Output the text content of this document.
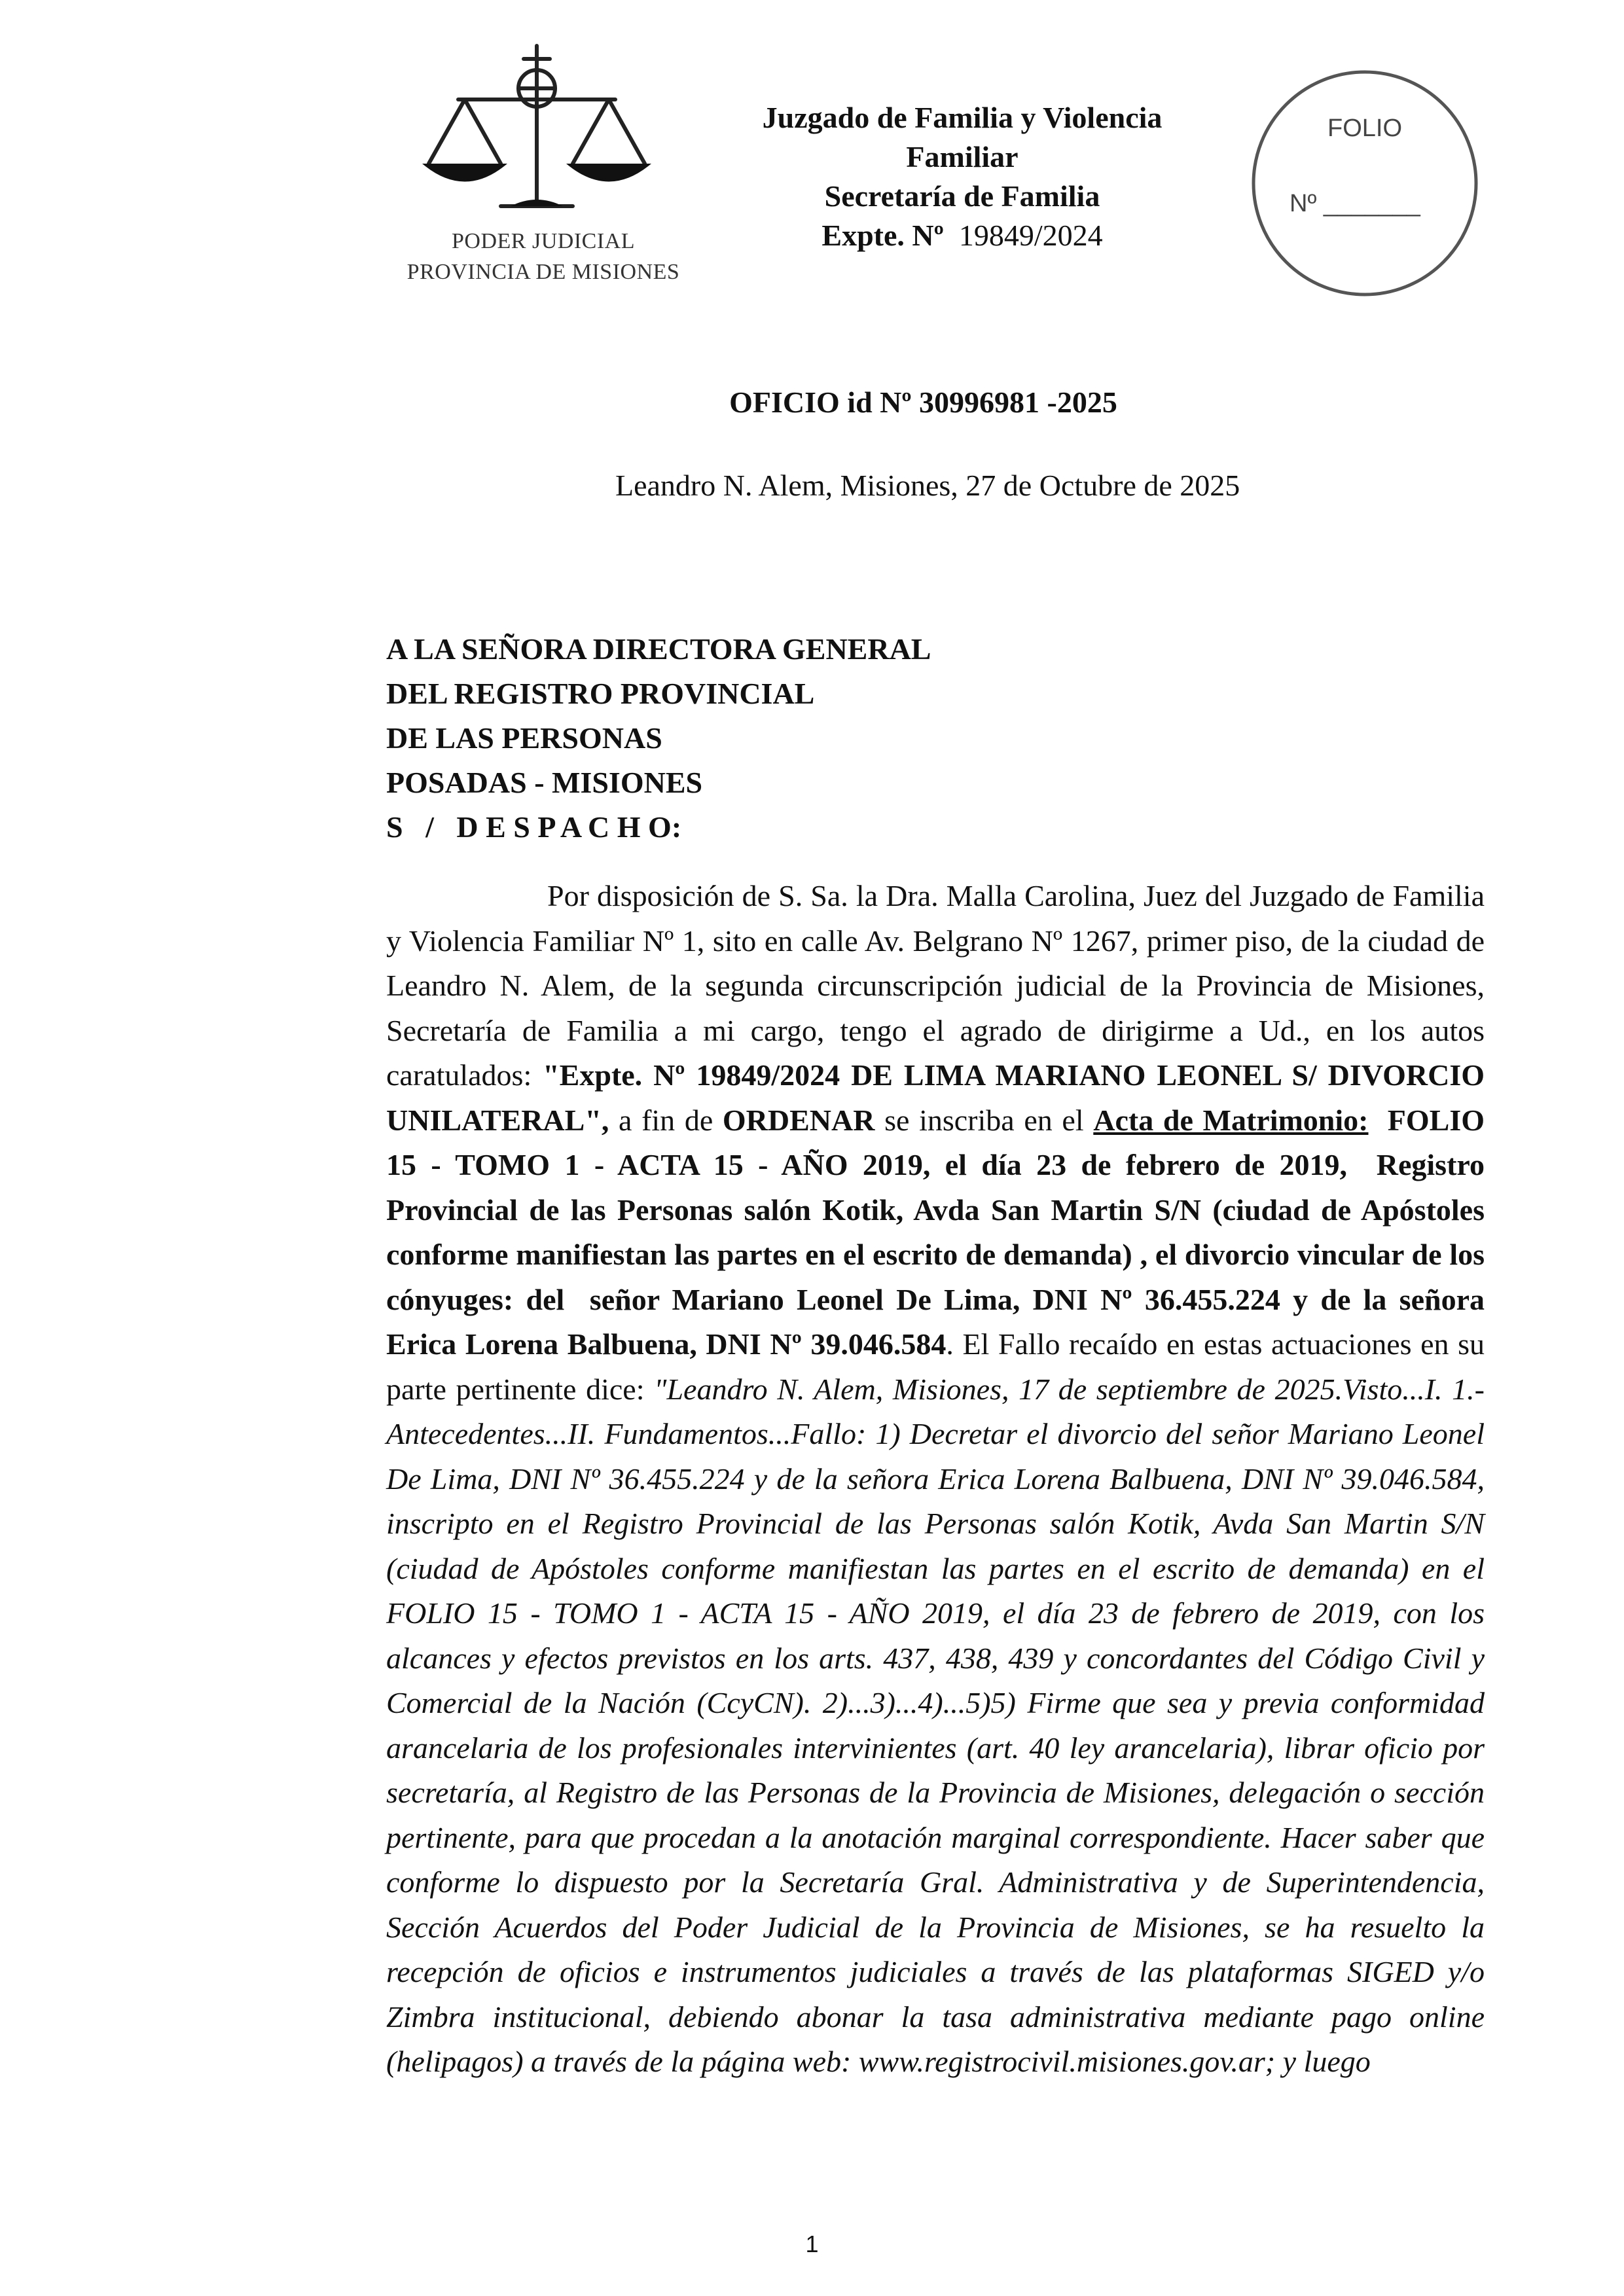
PODER JUDICIAL
PROVINCIA DE MISIONES
Juzgado de Familia y Violencia
Familiar
Secretaría de Familia
Expte. Nº 19849/2024
FOLIO
Nº _______
OFICIO id Nº 30996981 -2025
Leandro N. Alem, Misiones, 27 de Octubre de 2025
A LA SEÑORA DIRECTORA GENERAL
DEL REGISTRO PROVINCIAL
DE LAS PERSONAS
POSADAS - MISIONES
S   /   D E S P A C H O:
Por disposición de S. Sa. la Dra. Malla Carolina, Juez del Juzgado de Familia y Violencia Familiar Nº 1, sito en calle Av. Belgrano Nº 1267, primer piso, de la ciudad de Leandro N. Alem, de la segunda circunscripción judicial de la Provincia de Misiones, Secretaría de Familia a mi cargo, tengo el agrado de dirigirme a Ud., en los autos caratulados: "Expte. Nº 19849/2024 DE LIMA MARIANO LEONEL S/ DIVORCIO UNILATERAL", a fin de ORDENAR se inscriba en el Acta de Matrimonio:  FOLIO 15 - TOMO 1 - ACTA 15 - AÑO 2019, el día 23 de febrero de 2019,  Registro Provincial de las Personas salón Kotik, Avda San Martin S/N (ciudad de Apóstoles conforme manifiestan las partes en el escrito de demanda) , el divorcio vincular de los cónyuges: del  señor Mariano Leonel De Lima, DNI Nº 36.455.224 y de la señora Erica Lorena Balbuena, DNI Nº 39.046.584. El Fallo recaído en estas actuaciones en su parte pertinente dice: "Leandro N. Alem, Misiones, 17 de septiembre de 2025.Visto...I. 1.- Antecedentes...II. Fundamentos...Fallo: 1) Decretar el divorcio del señor Mariano Leonel De Lima, DNI Nº 36.455.224 y de la señora Erica Lorena Balbuena, DNI Nº 39.046.584, inscripto en el Registro Provincial de las Personas salón Kotik, Avda San Martin S/N (ciudad de Apóstoles conforme manifiestan las partes en el escrito de demanda) en el FOLIO 15 - TOMO 1 - ACTA 15 - AÑO 2019, el día 23 de febrero de 2019, con los alcances y efectos previstos en los arts. 437, 438, 439 y concordantes del Código Civil y Comercial de la Nación (CcyCN). 2)...3)...4)...5)5) Firme que sea y previa conformidad arancelaria de los profesionales intervinientes (art. 40 ley arancelaria), librar oficio por secretaría, al Registro de las Personas de la Provincia de Misiones, delegación o sección pertinente, para que procedan a la anotación marginal correspondiente. Hacer saber que conforme lo dispuesto por la Secretaría Gral. Administrativa y de Superintendencia, Sección Acuerdos del Poder Judicial de la Provincia de Misiones, se ha resuelto la recepción de oficios e instrumentos judiciales a través de las plataformas SIGED y/o Zimbra institucional, debiendo abonar la tasa administrativa mediante pago online (helipagos) a través de la página web: www.registrocivil.misiones.gov.ar; y luego
1
